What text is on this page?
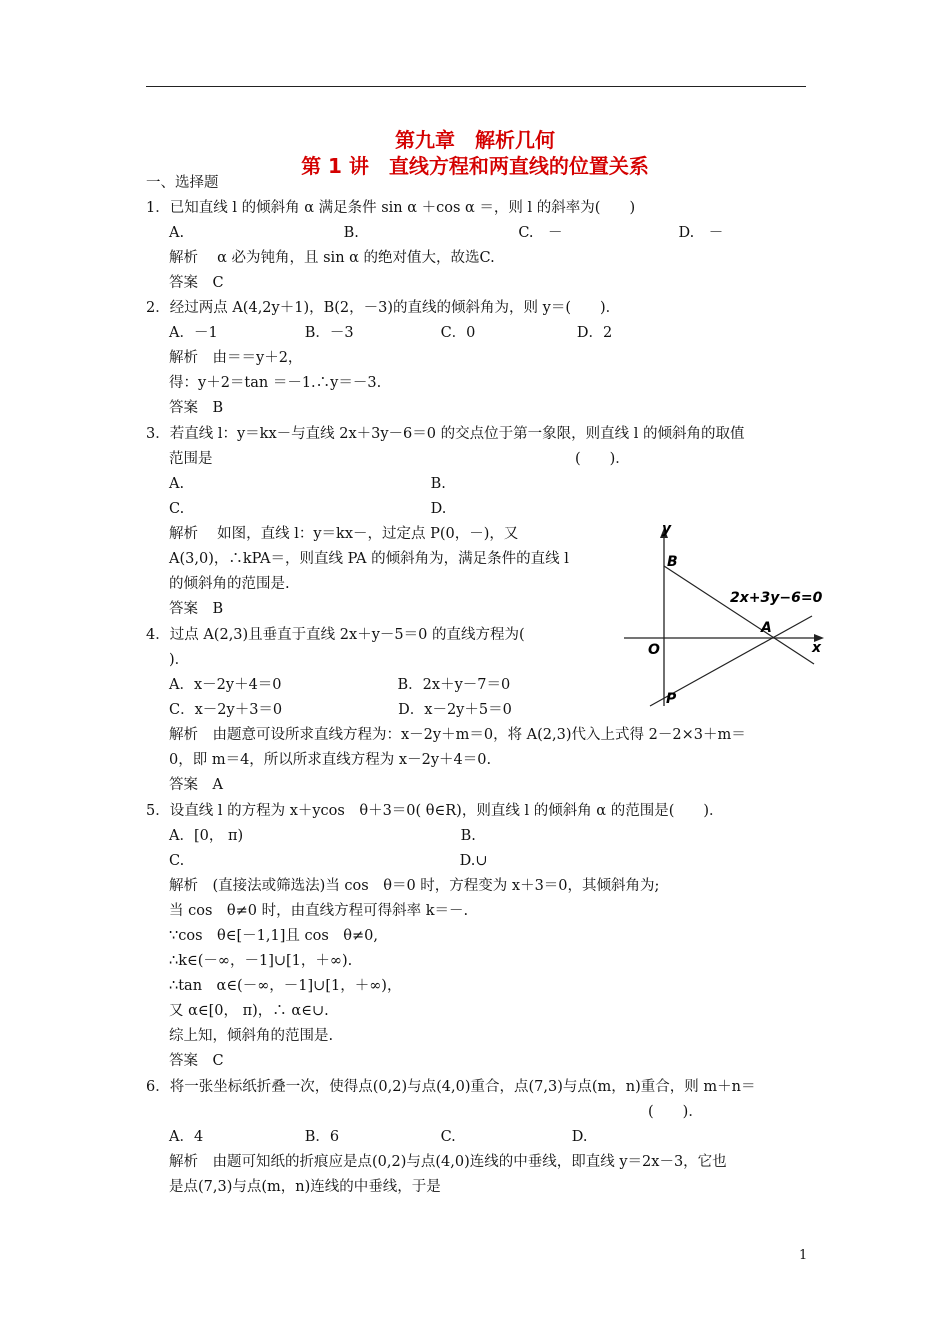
第九章　解析几何
第 1 讲　直线方程和两直线的位置关系
一、选择题
1．已知直线 l 的倾斜角 α 满足条件 sin α ＋cos α ＝，则 l 的斜率为(　　)
A.　　　　　　　　　　　B.　　　　　　　　　　　C.　－　　　　　　　　D.　－
解析　 α 必为钝角，且 sin α 的绝对值大，故选C.
答案　C
2．经过两点 A(4,2y＋1)，B(2，－3)的直线的倾斜角为，则 y＝(　　)．
A．－1　　　　　　B．－3　　　　　　C．0　　　　　　　D．2
解析　由＝＝y＋2，
得：y＋2＝tan ＝－1.∴y＝－3.
答案　B
3．若直线 l：y＝kx－与直线 2x＋3y－6＝0 的交点位于第一象限，则直线 l 的倾斜角的取值
范围是　　　　　　　　　　　　　　　　　　　　　　　　　(　　)．
A.　　　　　　　　　　　　　　　　　B.
C.　　　　　　　　　　　　　　　　　D.
解析　 如图，直线 l：y＝kx－，过定点 P(0，－)，又
A(3,0)，∴kPA＝，则直线 PA 的倾斜角为，满足条件的直线 l
的倾斜角的范围是.
答案　B
4．过点 A(2,3)且垂直于直线 2x＋y－5＝0 的直线方程为(
)．
A．x－2y＋4＝0　　　　　　　　B．2x＋y－7＝0
C．x－2y＋3＝0　　　　　　　　D．x－2y＋5＝0
解析　由题意可设所求直线方程为：x－2y＋m＝0，将 A(2,3)代入上式得 2－2×3＋m＝
0，即 m＝4，所以所求直线方程为 x－2y＋4＝0.
答案　A
5．设直线 l 的方程为 x＋ycos　θ＋3＝0( θ∈R)，则直线 l 的倾斜角 α 的范围是(　　)．
A．[0， π)　　　　　　　　　　　　　　　B.
C.　　　　　　　　　　　　　　　　　　　D.∪
解析　(直接法或筛选法)当 cos　θ＝0 时，方程变为 x＋3＝0，其倾斜角为;
当 cos　θ≠0 时，由直线方程可得斜率 k＝－.
∵cos　θ∈[－1,1]且 cos　θ≠0,
∴k∈(－∞，－1]∪[1，＋∞).
∴tan　α∈(－∞，－1]∪[1，＋∞)，
又 α∈[0， π)，∴ α∈∪.
综上知，倾斜角的范围是.
答案　C
6．将一张坐标纸折叠一次，使得点(0,2)与点(4,0)重合，点(7,3)与点(m，n)重合，则 m＋n＝
(　　)．
A．4　　　　　　　B．6　　　　　　　C.　　　　　　　　D.
解析　由题可知纸的折痕应是点(0,2)与点(4,0)连线的中垂线，即直线 y＝2x－3，它也
是点(7,3)与点(m，n)连线的中垂线，于是
y
x
O
B
A
P
2x+3y−6=0
1
